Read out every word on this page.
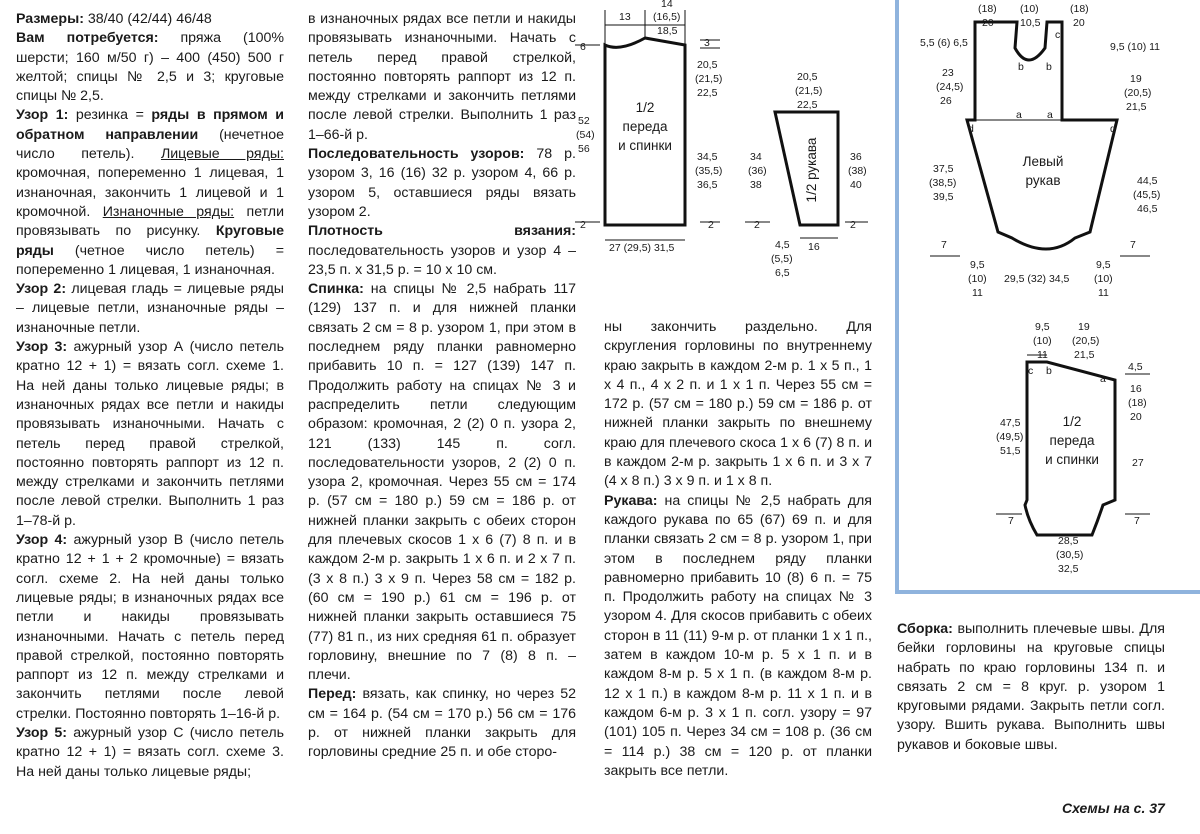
Размеры: 38/40 (42/44) 46/48

Вам потребуется: пряжа (100% шерсти; 160 м/50 г) – 400 (450) 500 г желтой; спицы № 2,5 и 3; круговые спицы № 2,5.

Узор 1: резинка = ряды в прямом и обратном направлении (нечетное число петель). Лицевые ряды: кромочная, попеременно 1 лицевая, 1 изнаночная, закончить 1 лицевой и 1 кромочной. Изнаночные ряды: петли провязывать по рисунку. Круговые ряды (четное число петель) = попеременно 1 лицевая, 1 изнаночная.

Узор 2: лицевая гладь = лицевые ряды – лицевые петли, изнаночные ряды – изнаночные петли.

Узор 3: ажурный узор А (число петель кратно 12 + 1) = вязать согл. схеме 1. На ней даны только лицевые ряды; в изнаночных рядах все петли и накиды провязывать изнаночными. Начать с петель перед правой стрелкой, постоянно повторять раппорт из 12 п. между стрелками и закончить петлями после левой стрелки. Выполнить 1 раз 1–78-й р.

Узор 4: ажурный узор В (число петель кратно 12 + 1 + 2 кромочные) = вязать согл. схеме 2. На ней даны только лицевые ряды; в изнаночных рядах все петли и накиды провязывать изнаночными. Начать с петель перед правой стрелкой, постоянно повторять раппорт из 12 п. между стрелками и закончить петлями после левой стрелки. Постоянно повторять 1–16-й р.

Узор 5: ажурный узор С (число петель кратно 12 + 1) = вязать согл. схеме 3. На ней даны только лицевые ряды;

в изнаночных рядах все петли и накиды провязывать изнаночными. Начать с петель перед правой стрелкой, постоянно повторять раппорт из 12 п. между стрелками и закончить петлями после левой стрелки. Выполнить 1 раз 1–66-й р.

Последовательность узоров: 78 р. узором 3, 16 (16) 32 р. узором 4, 66 р. узором 5, оставшиеся ряды вязать узором 2.

Плотность вязания: последовательность узоров и узор 4 – 23,5 п. x 31,5 р. = 10 x 10 см.

Спинка: на спицы № 2,5 набрать 117 (129) 137 п. и для нижней планки связать 2 см = 8 р. узором 1, при этом в последнем ряду планки равномерно прибавить 10 п. = 127 (139) 147 п. Продолжить работу на спицах № 3 и распределить петли следующим образом: кромочная, 2 (2) 0 п. узора 2, 121 (133) 145 п. согл. последовательности узоров, 2 (2) 0 п. узора 2, кромочная. Через 55 см = 174 р. (57 см = 180 р.) 59 см = 186 р. от нижней планки закрыть с обеих сторон для плечевых скосов 1 x 6 (7) 8 п. и в каждом 2-м р. закрыть 1 x 6 п. и 2 x 7 п. (3 x 8 п.) 3 x 9 п. Через 58 см = 182 р. (60 см = 190 р.) 61 см = 196 р. от нижней планки закрыть оставшиеся 75 (77) 81 п., из них средняя 61 п. образует горловину, внешние по 7 (8) 8 п. – плечи.

Перед: вязать, как спинку, но через 52 см = 164 р. (54 см = 170 р.) 56 см = 176 р. от нижней планки закрыть для горловины средние 25 п. и обе сторо-

ны закончить раздельно. Для скругления горловины по внутреннему краю закрыть в каждом 2-м р. 1 x 5 п., 1 x 4 п., 4 x 2 п. и 1 x 1 п. Через 55 см = 172 р. (57 см = 180 р.) 59 см = 186 р. от нижней планки закрыть по внешнему краю для плечевого скоса 1 x 6 (7) 8 п. и в каждом 2-м р. закрыть 1 x 6 п. и 3 x 7 (4 x 8 п.) 3 x 9 п. и 1 x 8 п.

Рукава: на спицы № 2,5 набрать для каждого рукава по 65 (67) 69 п. и для планки связать 2 см = 8 р. узором 1, при этом в последнем ряду планки равномерно прибавить 10 (8) 6 п. = 75 п. Продолжить работу на спицах № 3 узором 4. Для скосов прибавить с обеих сторон в 11 (11) 9-м р. от планки 1 x 1 п., затем в каждом 10-м р. 5 x 1 п. и в каждом 8-м р. 5 x 1 п. (в каждом 8-м р. 12 x 1 п.) в каждом 8-м р. 11 x 1 п. и в каждом 6-м р. 3 x 1 п. согл. узору = 97 (101) 105 п. Через 34 см = 108 р. (36 см = 114 р.) 38 см = 120 р. от планки закрыть все петли.

Сборка: выполнить плечевые швы. Для бейки горловины на круговые спицы набрать по краю горловины 134 п. и связать 2 см = 8 круг. р. узором 1 круговыми рядами. Закрыть петли согл. узору. Вшить рукава. Выполнить швы рукавов и боковые швы.

Схемы на с. 37
13
14
(16,5)
18,5
6	3
20,5
(21,5)
22,5
52
(54)
56
34,5
(35,5)
36,5
2	2
27 (29,5) 31,5
1/2
переда
и спинки
20,5
(21,5)
22,5
34
(36)
38
36
(38)
40
2	2
4,5
(5,5)
6,5
16
1/2 рукава
(18)
20
(10)
10,5
(18)
20
5,5 (6) 6,5	9,5 (10) 11
23
(24,5)
26
19
(20,5)
21,5
37,5
(38,5)
39,5
44,5
(45,5)
46,5
7	7
9,5
(10)
11
29,5 (32) 34,5
9,5
(10)
11
b b
a a
d	d
c
Левый
рукав
9,5
(10)
11
19
(20,5)
21,5
4,5
16
(18)
20
47,5
(49,5)
51,5
27
7	7
28,5
(30,5)
32,5
c b
a
1/2
переда
и спинки
